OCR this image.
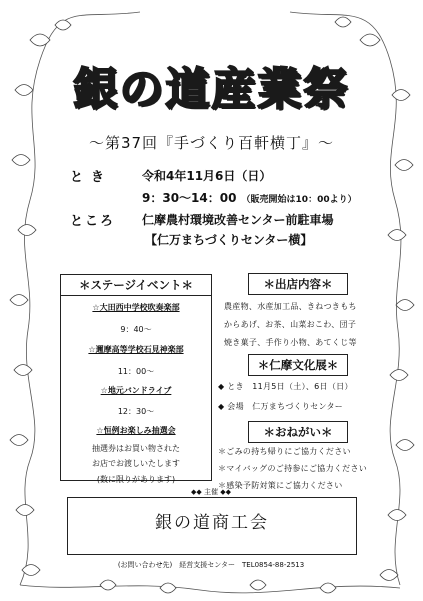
銀の道産業祭
～第37回『手づくり百軒横丁』～
とき 令和4年11月6日（日）
9：30～14：00 （販売開始は10：00より）
ところ 仁摩農村環境改善センター前駐車場
【仁万まちづくりセンター横】
＊ステージイベント＊
☆大田西中学校吹奏楽部
9：40～
☆邇摩高等学校石見神楽部
11：00～
☆地元バンドライブ
12：30～
☆恒例お楽しみ抽選会
抽選券はお買い物された
お店でお渡しいたします
(数に限りがあります)
＊出店内容＊
農産物、水産加工品、きねつきもち
からあげ、お茶、山菜おこわ、団子
焼き菓子、手作り小物、あてくじ等
＊仁摩文化展＊
◆ とき　11月5日（土）、6日（日）
◆ 会場　仁万まちづくりセンター
＊おねがい＊
＊ごみの持ち帰りにご協力ください
＊マイバッグのご持参にご協力ください
＊感染予防対策にご協力ください
◆◆ 主催 ◆◆
銀の道商工会
(お問い合わせ先)　経営支援センター　TEL0854-88-2513
